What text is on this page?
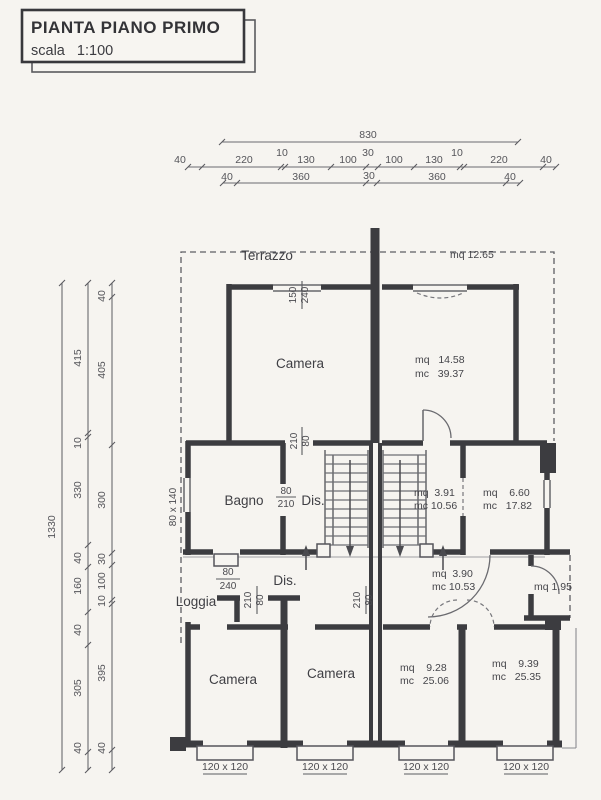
PIANTA PIANO PRIMO
scala   1:100
830
40	220
10
130 100
30
100 130
10
220	40
40	360	30	360	40
1330
415
10
330
40
160
40
305
40
40
405
300
30
100
10
395
40
Terrazzo	mq 12.65
Camera	mq   14.58
mc   39.37
Bagno	Dis.	mq  3.91
mc 10.56
mq    6.60
mc   17.82
Dis.
Loggia
mq  3.90
mc 10.53	mq 1.95
Camera	Camera	mq    9.28
mc   25.06
mq    9.39
mc   25.35
150 240
210 80
80
210
80 x 140
80
240
210 80	210 80
120 x 120	120 x 120	120 x 120	120 x 120
